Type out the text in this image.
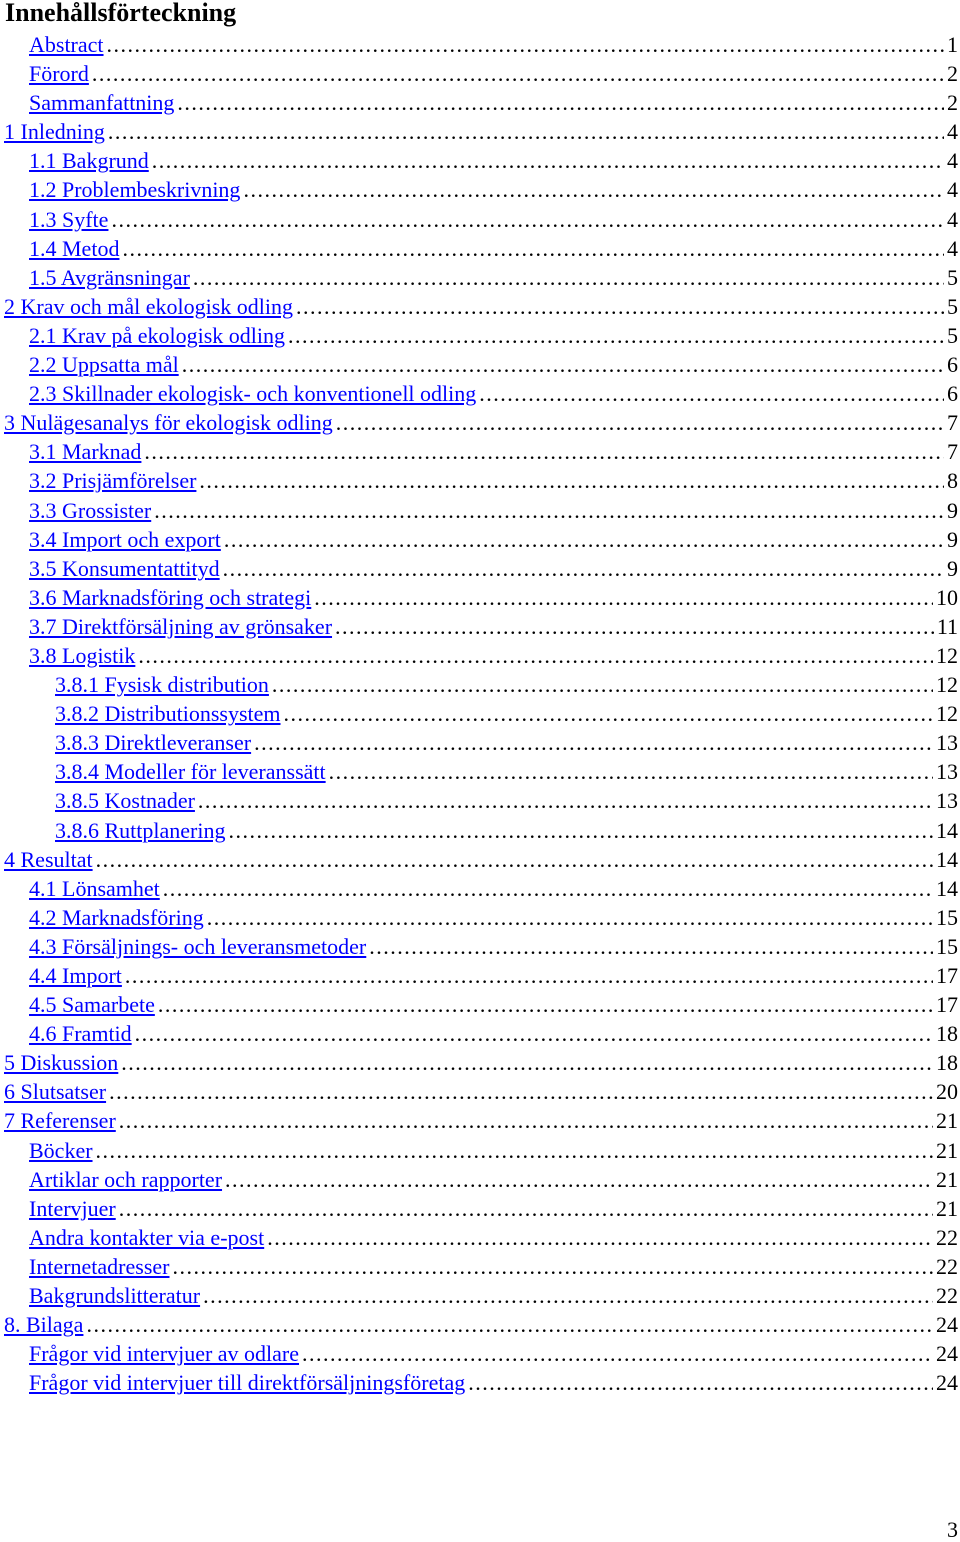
Innehållsförteckning
Abstract . . .	1
Förord . . .	2
Sammanfattning . . .	2
1 Inledning . . .	4
1.1 Bakgrund . . .	4
1.2 Problembeskrivning . . .	4
1.3 Syfte . . .	4
1.4 Metod . . .	4
1.5 Avgränsningar . . .	5
2 Krav och mål ekologisk odling . . .	5
2.1 Krav på ekologisk odling . . .	5
2.2 Uppsatta mål . . .	6
2.3 Skillnader ekologisk- och konventionell odling . . .	6
3 Nulägesanalys för ekologisk odling . . .	7
3.1 Marknad . . .	7
3.2 Prisjämförelser . . .	8
3.3 Grossister . . .	9
3.4 Import och export . . .	9
3.5 Konsumentattityd . . .	9
3.6 Marknadsföring och strategi . . .	10
3.7 Direktförsäljning av grönsaker . . .	11
3.8 Logistik . . .	12
3.8.1 Fysisk distribution . . .	12
3.8.2 Distributionssystem . . .	12
3.8.3 Direktleveranser . . .	13
3.8.4 Modeller för leveranssätt . . .	13
3.8.5 Kostnader . . .	13
3.8.6 Ruttplanering . . .	14
4 Resultat . . .	14
4.1 Lönsamhet . . .	14
4.2 Marknadsföring . . .	15
4.3 Försäljnings- och leveransmetoder . . .	15
4.4 Import . . .	17
4.5 Samarbete . . .	17
4.6 Framtid . . .	18
5 Diskussion . . .	18
6 Slutsatser . . .	20
7 Referenser . . .	21
Böcker . . .	21
Artiklar och rapporter . . .	21
Intervjuer . . .	21
Andra kontakter via e-post . . .	22
Internetadresser . . .	22
Bakgrundslitteratur . . .	22
8. Bilaga . . .	24
Frågor vid intervjuer av odlare . . .	24
Frågor vid intervjuer till direktförsäljningsföretag . . .	24
3
